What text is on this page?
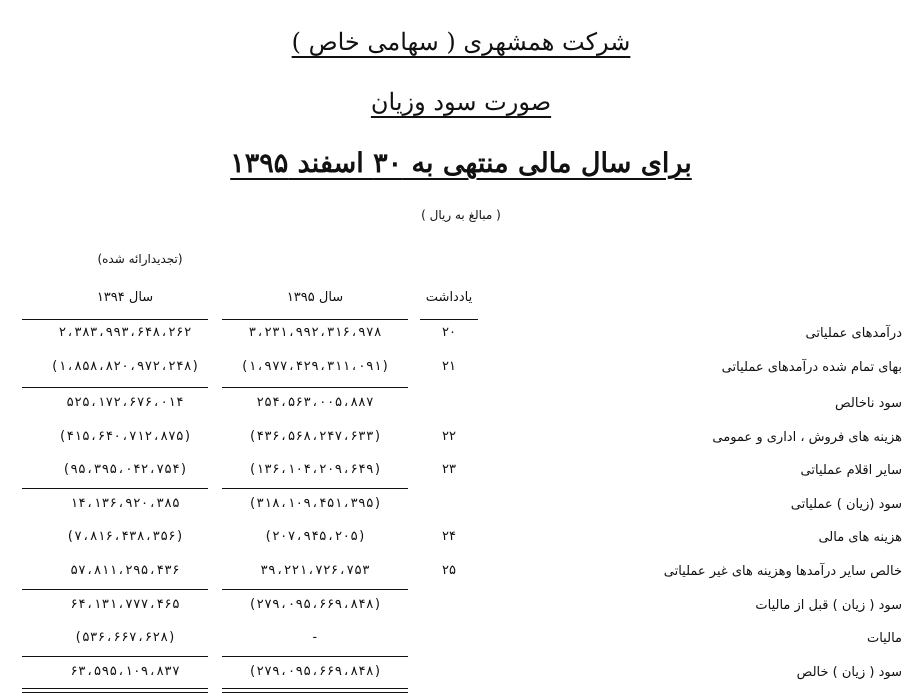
شرکت همشهری ( سهامی خاص )
صورت سود وزیان
برای سال مالی منتهی به ۳۰ اسفند ۱۳۹۵
( مبالغ به ریال )
(تجدیدارائه شده)
یادداشت
سال ۱۳۹۵
سال ۱۳۹۴
درآمدهای عملیاتی
۲۰
۳،۲۳۱،۹۹۲،۳۱۶،۹۷۸
۲،۳۸۳،۹۹۳،۶۴۸،۲۶۲
بهای تمام شده درآمدهای عملیاتی
۲۱
(۱،۹۷۷،۴۲۹،۳۱۱،۰۹۱)
(۱،۸۵۸،۸۲۰،۹۷۲،۲۴۸)
سود ناخالص
۲۵۴،۵۶۳،۰۰۵،۸۸۷
۵۲۵،۱۷۲،۶۷۶،۰۱۴
هزینه های فروش ، اداری و عمومی
۲۲
(۴۳۶،۵۶۸،۲۴۷،۶۳۳)
(۴۱۵،۶۴۰،۷۱۲،۸۷۵)
سایر اقلام عملیاتی
۲۳
(۱۳۶،۱۰۴،۲۰۹،۶۴۹)
(۹۵،۳۹۵،۰۴۲،۷۵۴)
سود (زیان ) عملیاتی
(۳۱۸،۱۰۹،۴۵۱،۳۹۵)
۱۴،۱۳۶،۹۲۰،۳۸۵
هزینه های مالی
۲۴
(۲۰۷،۹۴۵،۲۰۵)
(۷،۸۱۶،۴۳۸،۳۵۶)
خالص سایر درآمدها وهزینه های غیر عملیاتی
۲۵
۳۹،۲۲۱،۷۲۶،۷۵۳
۵۷،۸۱۱،۲۹۵،۴۳۶
سود ( زیان ) قبل از مالیات
(۲۷۹،۰۹۵،۶۶۹،۸۴۸)
۶۴،۱۳۱،۷۷۷،۴۶۵
مالیات
-
(۵۳۶،۶۶۷،۶۲۸)
سود ( زیان ) خالص
(۲۷۹،۰۹۵،۶۶۹،۸۴۸)
۶۳،۵۹۵،۱۰۹،۸۳۷
